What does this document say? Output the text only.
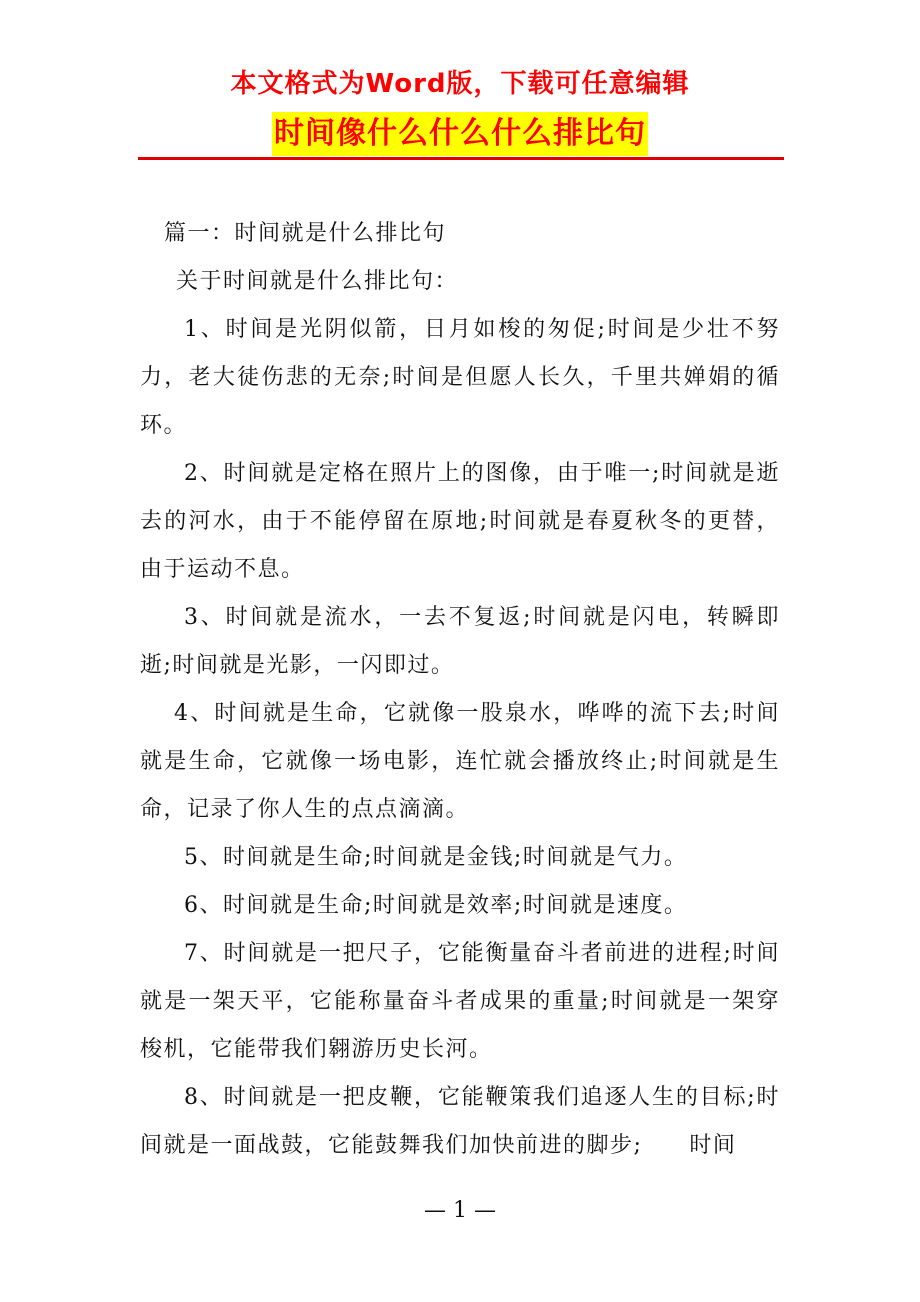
本文格式为Word版，下载可任意编辑
时间像什么什么什么排比句

篇一：时间就是什么排比句

关于时间就是什么排比句：

1、时间是光阴似箭，日月如梭的匆促;时间是少壮不努力，老大徒伤悲的无奈;时间是但愿人长久，千里共婵娟的循环。

2、时间就是定格在照片上的图像，由于唯一;时间就是逝去的河水，由于不能停留在原地;时间就是春夏秋冬的更替，由于运动不息。

3、时间就是流水，一去不复返;时间就是闪电，转瞬即逝;时间就是光影，一闪即过。

4、时间就是生命，它就像一股泉水，哗哗的流下去;时间就是生命，它就像一场电影，连忙就会播放终止;时间就是生命，记录了你人生的点点滴滴。

5、时间就是生命;时间就是金钱;时间就是气力。

6、时间就是生命;时间就是效率;时间就是速度。

7、时间就是一把尺子，它能衡量奋斗者前进的进程;时间就是一架天平，它能称量奋斗者成果的重量;时间就是一架穿梭机，它能带我们翱游历史长河。

8、时间就是一把皮鞭，它能鞭策我们追逐人生的目标;时间就是一面战鼓，它能鼓舞我们加快前进的脚步;　　时间

— 1 —
